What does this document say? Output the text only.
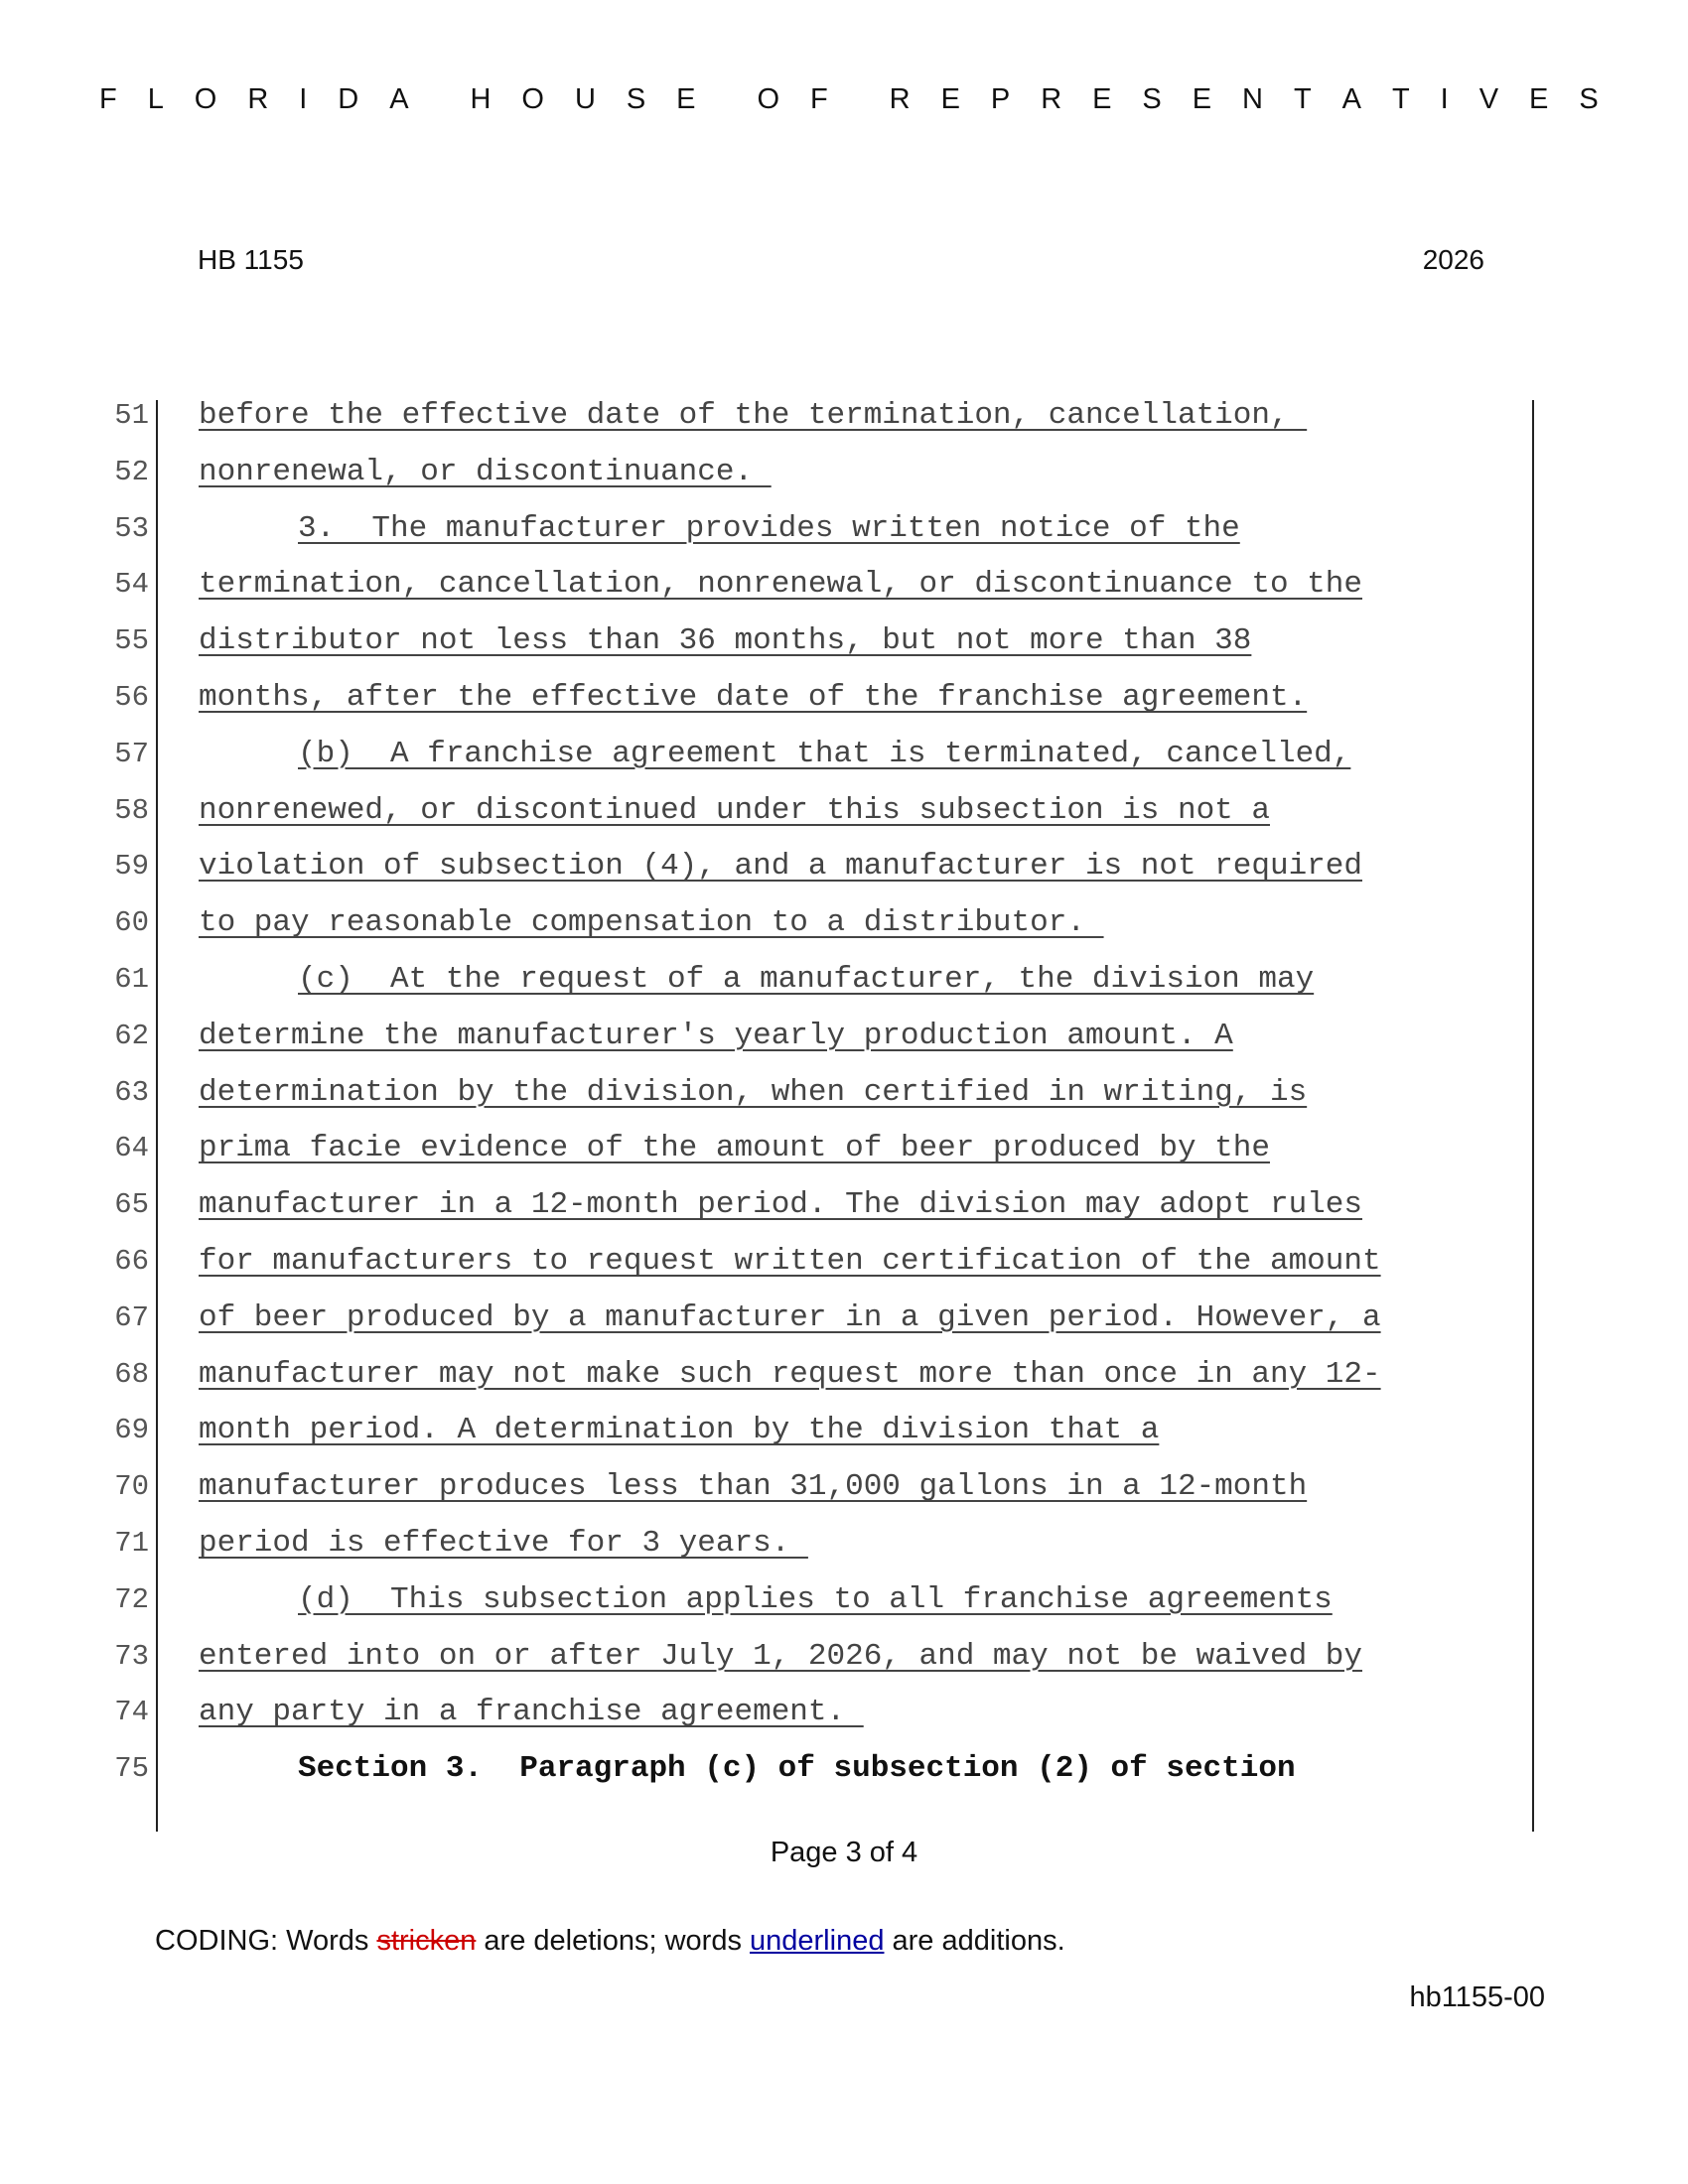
F L O R I D A H O U S E O F R E P R E S E N T A T I V E S
HB 1155	2026
51 before the effective date of the termination, cancellation,
52 nonrenewal, or discontinuance.
53	3.  The manufacturer provides written notice of the
54 termination, cancellation, nonrenewal, or discontinuance to the
55 distributor not less than 36 months, but not more than 38
56 months, after the effective date of the franchise agreement.
57	(b)  A franchise agreement that is terminated, cancelled,
58 nonrenewed, or discontinued under this subsection is not a
59 violation of subsection (4), and a manufacturer is not required
60 to pay reasonable compensation to a distributor.
61	(c)  At the request of a manufacturer, the division may
62 determine the manufacturer's yearly production amount. A
63 determination by the division, when certified in writing, is
64 prima facie evidence of the amount of beer produced by the
65 manufacturer in a 12-month period. The division may adopt rules
66 for manufacturers to request written certification of the amount
67 of beer produced by a manufacturer in a given period. However, a
68 manufacturer may not make such request more than once in any 12-
69 month period. A determination by the division that a
70 manufacturer produces less than 31,000 gallons in a 12-month
71 period is effective for 3 years.
72	(d)  This subsection applies to all franchise agreements
73 entered into on or after July 1, 2026, and may not be waived by
74 any party in a franchise agreement.
75	Section 3.  Paragraph (c) of subsection (2) of section
Page 3 of 4
CODING: Words stricken are deletions; words underlined are additions.
hb1155-00
